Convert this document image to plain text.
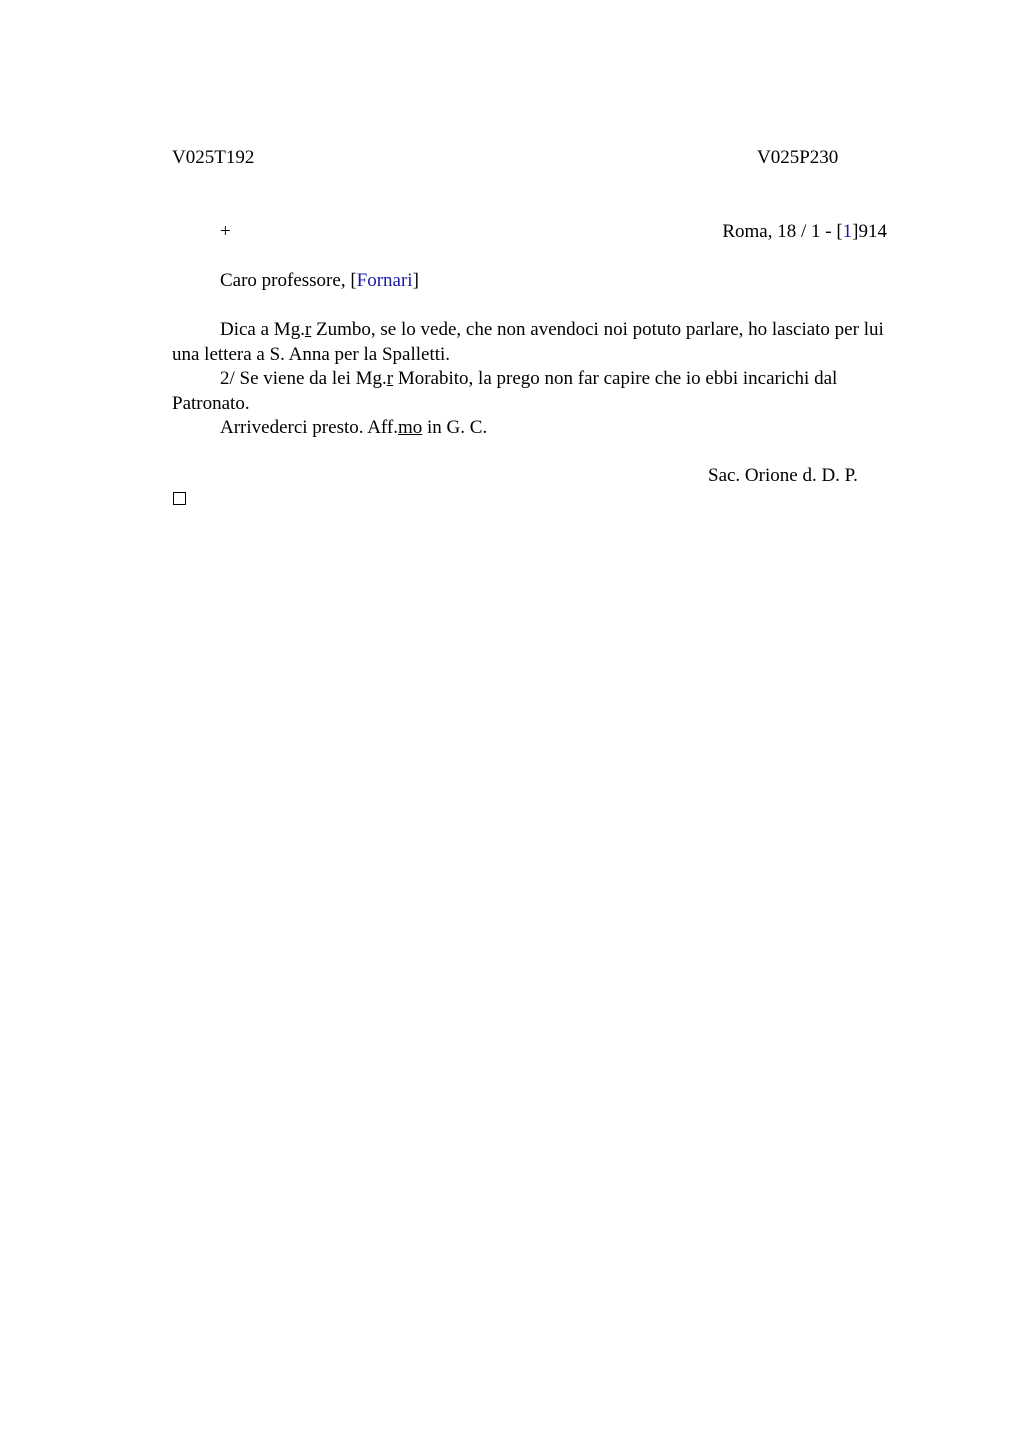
V025T192	V025P230
+	Roma, 18 / 1 - [1]914
Caro professore, [Fornari]
Dica a Mg.r Zumbo, se lo vede, che non avendoci noi potuto parlare, ho lasciato per lui una lettera a S. Anna per la Spalletti.
2/ Se viene da lei Mg.r Morabito, la prego non far capire che io ebbi incarichi dal Patronato.
Arrivederci presto. Aff.mo in G. C.
Sac. Orione d. D. P.
